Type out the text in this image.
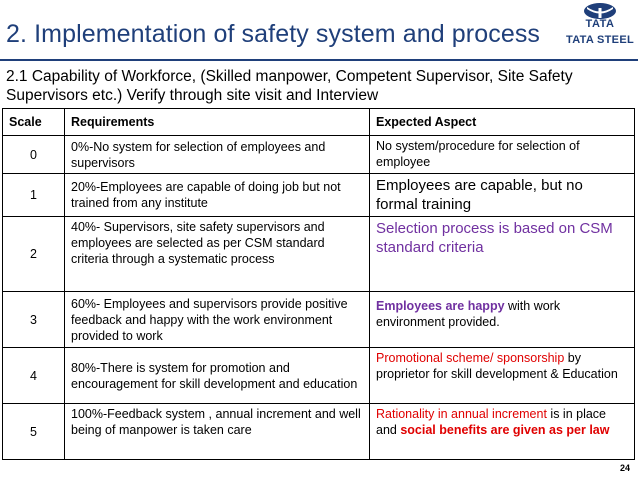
2. Implementation of safety system and process	TATA
TATA STEEL
2.1 Capability of Workforce, (Skilled manpower, Competent Supervisor, Site Safety Supervisors etc.) Verify through site visit and Interview
Scale	Requirements	Expected Aspect
0	0%-No system for selection of employees and supervisors	No system/procedure for selection of employee
1	20%-Employees are capable of doing job but not trained from any institute	Employees are capable, but no formal training
2	40%- Supervisors, site safety supervisors and employees are selected as per CSM standard criteria through a systematic process	Selection process is based on CSM standard criteria
3	60%- Employees and supervisors provide positive feedback and happy with the work environment provided to work	Employees are happy with work environment provided.
4	80%-There is system for promotion and encouragement for skill development and education	Promotional scheme/ sponsorship by proprietor for skill development & Education
5	100%-Feedback system , annual increment and well being of manpower is taken care	Rationality in annual increment is in place and social benefits are given as per law
24
